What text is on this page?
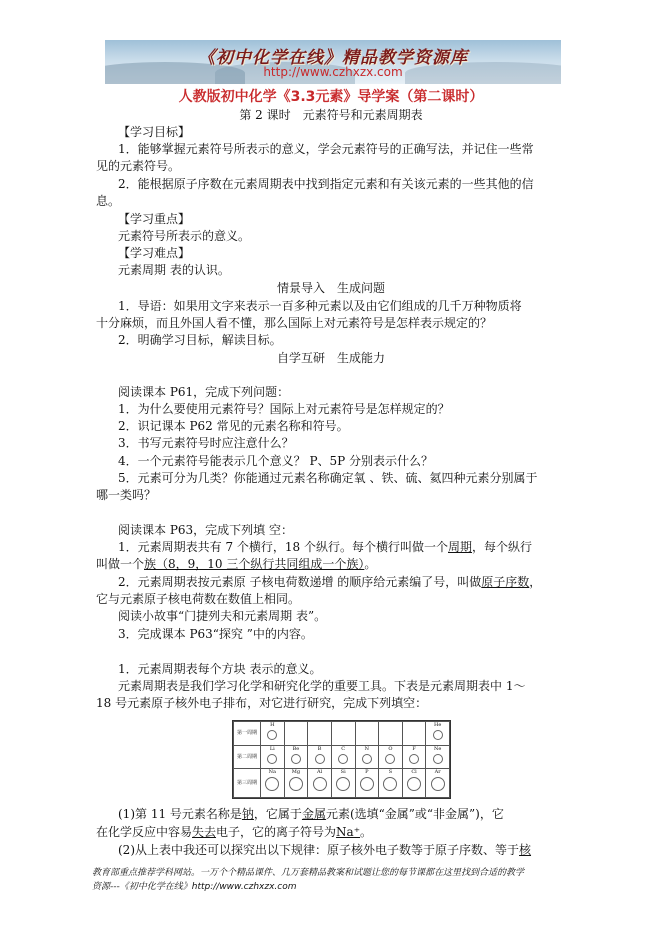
《初中化学在线》精品教学资源库
http://www.czhxzx.com
人教版初中化学《3.3元素》导学案（第二课时）
第 2 课时　元素符号和元素周期表
【学习目标】
1．能够掌握元素符号所表示的意义，学会元素符号的正确写法，并记住一些常
见的元素符号。
2．能根据原子序数在元素周期表中找到指定元素和有关该元素的一些其他的信
息。
【学习重点】
元素符号所表示的意义。
【学习难点】
元素周期 表的认识。
情景导入　生成问题
1．导语：如果用文字来表示一百多种元素以及由它们组成的几千万种物质将
十分麻烦，而且外国人看不懂，那么国际上对元素符号是怎样表示规定的？
2．明确学习目标，解读目标。
自学互研　生成能力
阅读课本 P61，完成下列问题：
1．为什么要使用元素符号？国际上对元素符号是怎样规定的？
2．识记课本 P62 常见的元素名称和符号。
3．书写元素符号时应注意什么？
4．一个元素符号能表示几个意义？ P、5P 分别表示什么？
5．元素可分为几类？你能通过元素名称确定氧 、铁、硫、氦四种元素分别属于
哪一类吗？
阅读课本 P63，完成下列填 空：
1．元素周期表共有 7 个横行，18 个纵行。每个横行叫做一个周期，每个纵行
叫做一个族（8，9，10 三个纵行共同组成一个族）。
2．元素周期表按元素原 子核电荷数递增 的顺序给元素编了号，叫做原子序数，
它与元素原子核电荷数在数值上相同。
阅读小故事“门捷列夫和元素周期 表”。
3．完成课本 P63“探究 ”中的内容。
1．元素周期表每个方块 表示的意义。
元素周期表是我们学习化学和研究化学的重要工具。下表是元素周期表中 1～
18 号元素原子核外电子排布，对它进行研究，完成下列填空：
第一周期	H							He

第二周期	Li	Be	B	C	N	O	F	Ne

第三周期	Na	Mg	Al	Si	P	S	Cl	Ar
(1)第 11 号元素名称是钠，它属于金属元素(选填“金属”或“非金属”)，它
在化学反应中容易失去电子，它的离子符号为Na⁺。
(2)从上表中我还可以探究出以下规律：原子核外电子数等于原子序数、等于核
教育部重点推荐学科网站。一万个个精品课件、几万套精品教案和试题让您的每节课都在这里找到合适的教学
资源---《初中化学在线》http://www.czhxzx.com
